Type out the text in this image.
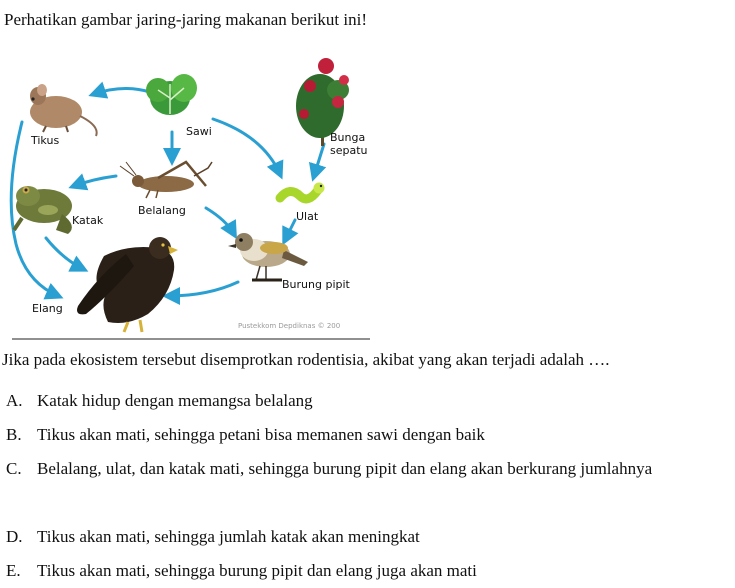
Perhatikan gambar jaring-jaring makanan berikut ini!
Tikus
Sawi	Bunga
sepatu
Belalang
Katak	Ulat
Burung pipit
Elang
Pustekkom Depdiknas © 200
Jika pada ekosistem tersebut disemprotkan rodentisia, akibat yang akan terjadi adalah ….
A. Katak hidup dengan memangsa belalang
B. Tikus akan mati, sehingga petani bisa memanen sawi dengan baik
C. Belalang, ulat, dan katak mati, sehingga burung pipit dan elang akan berkurang jumlahnya
D. Tikus akan mati, sehingga jumlah katak akan meningkat
E. Tikus akan mati, sehingga burung pipit dan elang juga akan mati
